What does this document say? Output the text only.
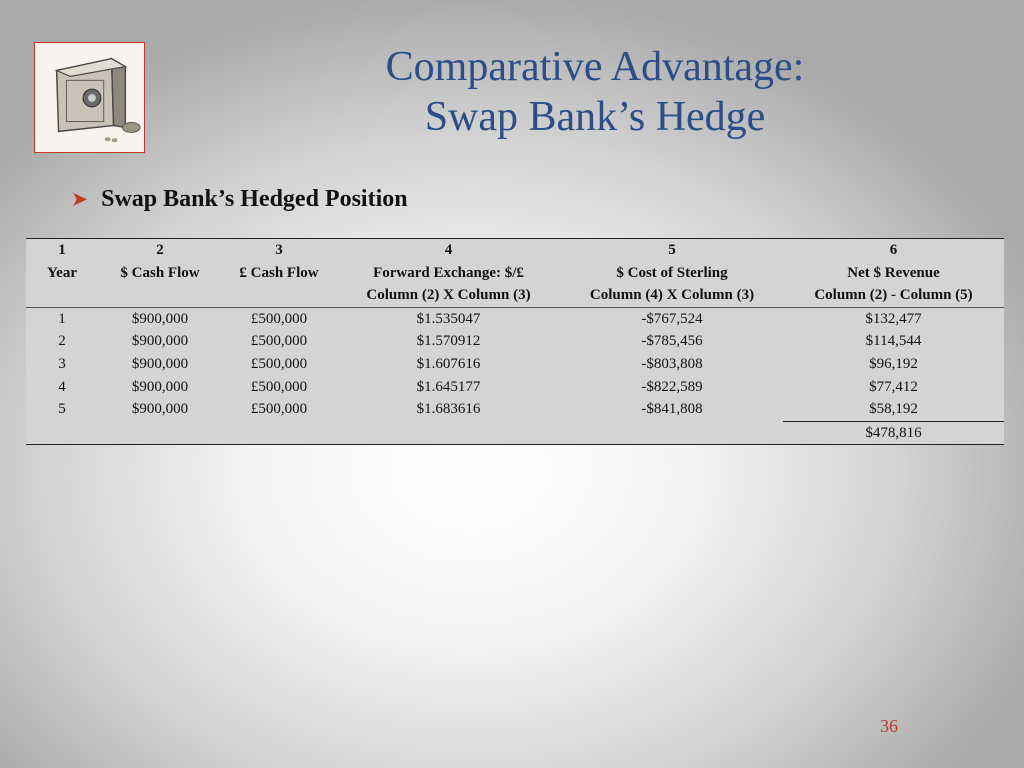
Comparative Advantage:
Swap Bank’s Hedge
➤ Swap Bank’s Hedged Position
1	2	3	4	5	6
Year	$ Cash Flow	£ Cash Flow	Forward Exchange: $/£	$ Cost of Sterling	Net $ Revenue
			Column (2) X Column (3)	Column (4) X Column (3)	Column (2) - Column (5)
1	$900,000	£500,000	$1.535047	-$767,524	$132,477
2	$900,000	£500,000	$1.570912	-$785,456	$114,544
3	$900,000	£500,000	$1.607616	-$803,808	$96,192
4	$900,000	£500,000	$1.645177	-$822,589	$77,412
5	$900,000	£500,000	$1.683616	-$841,808	$58,192
					$478,816
36
